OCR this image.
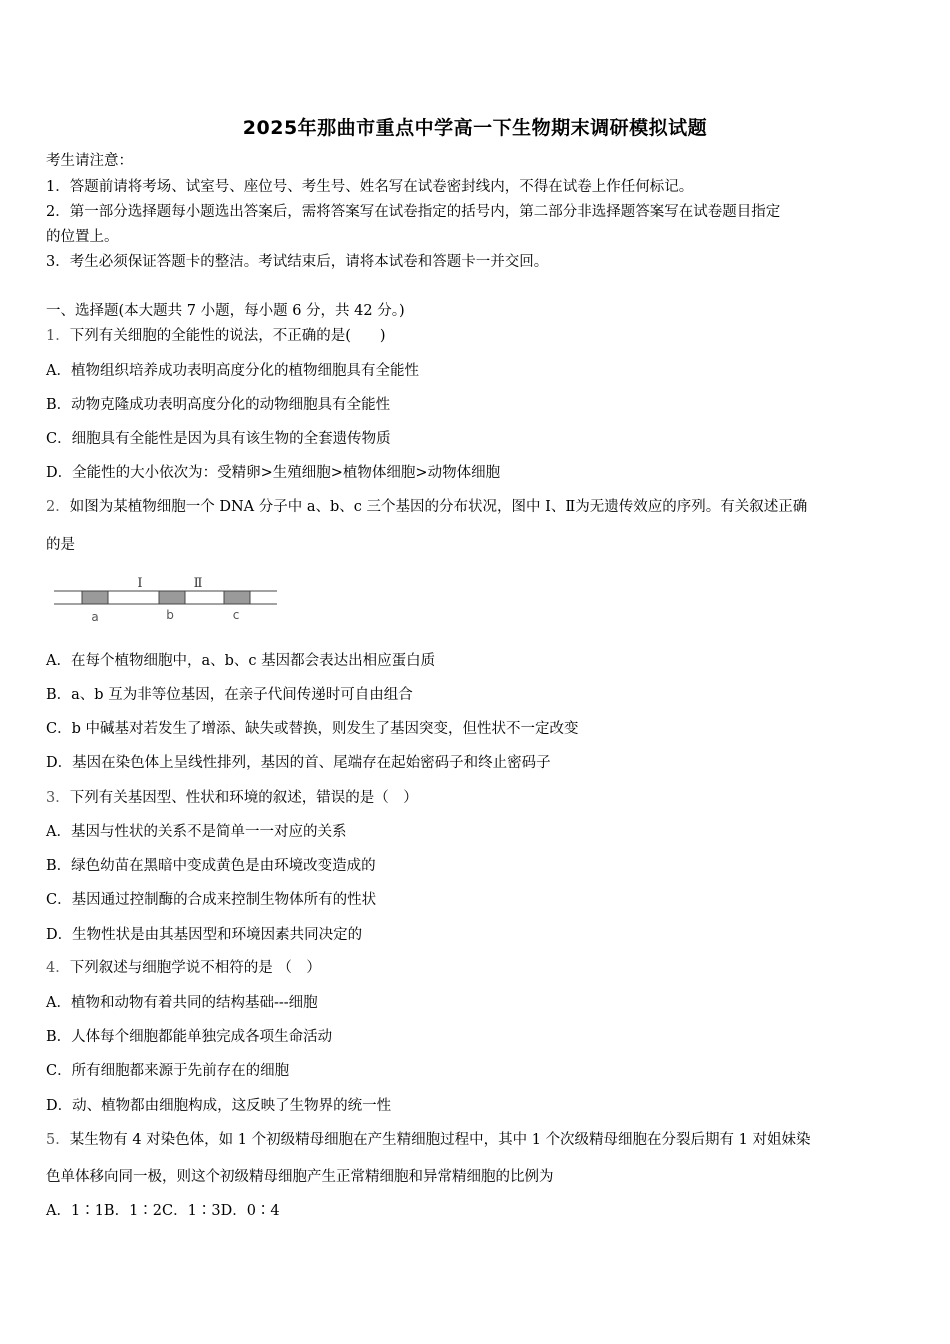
2025年那曲市重点中学高一下生物期末调研模拟试题
考生请注意：
1．答题前请将考场、试室号、座位号、考生号、姓名写在试卷密封线内，不得在试卷上作任何标记。
2．第一部分选择题每小题选出答案后，需将答案写在试卷指定的括号内，第二部分非选择题答案写在试卷题目指定
的位置上。
3．考生必须保证答题卡的整洁。考试结束后，请将本试卷和答题卡一并交回。
一、选择题(本大题共 7 小题，每小题 6 分，共 42 分。)
1．下列有关细胞的全能性的说法，不正确的是(　　)
A．植物组织培养成功表明高度分化的植物细胞具有全能性
B．动物克隆成功表明高度分化的动物细胞具有全能性
C．细胞具有全能性是因为具有该生物的全套遗传物质
D．全能性的大小依次为：受精卵>生殖细胞>植物体细胞>动物体细胞
2．如图为某植物细胞一个 DNA 分子中 a、b、c 三个基因的分布状况，图中 Ⅰ、Ⅱ为无遗传效应的序列。有关叙述正确
的是
Ⅰ	Ⅱ
a	b	c
A．在每个植物细胞中，a、b、c 基因都会表达出相应蛋白质
B．a、b 互为非等位基因，在亲子代间传递时可自由组合
C．b 中碱基对若发生了增添、缺失或替换，则发生了基因突变，但性状不一定改变
D．基因在染色体上呈线性排列，基因的首、尾端存在起始密码子和终止密码子
3．下列有关基因型、性状和环境的叙述，错误的是（　）
A．基因与性状的关系不是简单一一对应的关系
B．绿色幼苗在黑暗中变成黄色是由环境改变造成的
C．基因通过控制酶的合成来控制生物体所有的性状
D．生物性状是由其基因型和环境因素共同决定的
4．下列叙述与细胞学说不相符的是 （　）
A．植物和动物有着共同的结构基础---细胞
B．人体每个细胞都能单独完成各项生命活动
C．所有细胞都来源于先前存在的细胞
D．动、植物都由细胞构成，这反映了生物界的统一性
5．某生物有 4 对染色体，如 1 个初级精母细胞在产生精细胞过程中，其中 1 个次级精母细胞在分裂后期有 1 对姐妹染
色单体移向同一极，则这个初级精母细胞产生正常精细胞和异常精细胞的比例为
A．1∶1B．1∶2C．1∶3D．0∶4
